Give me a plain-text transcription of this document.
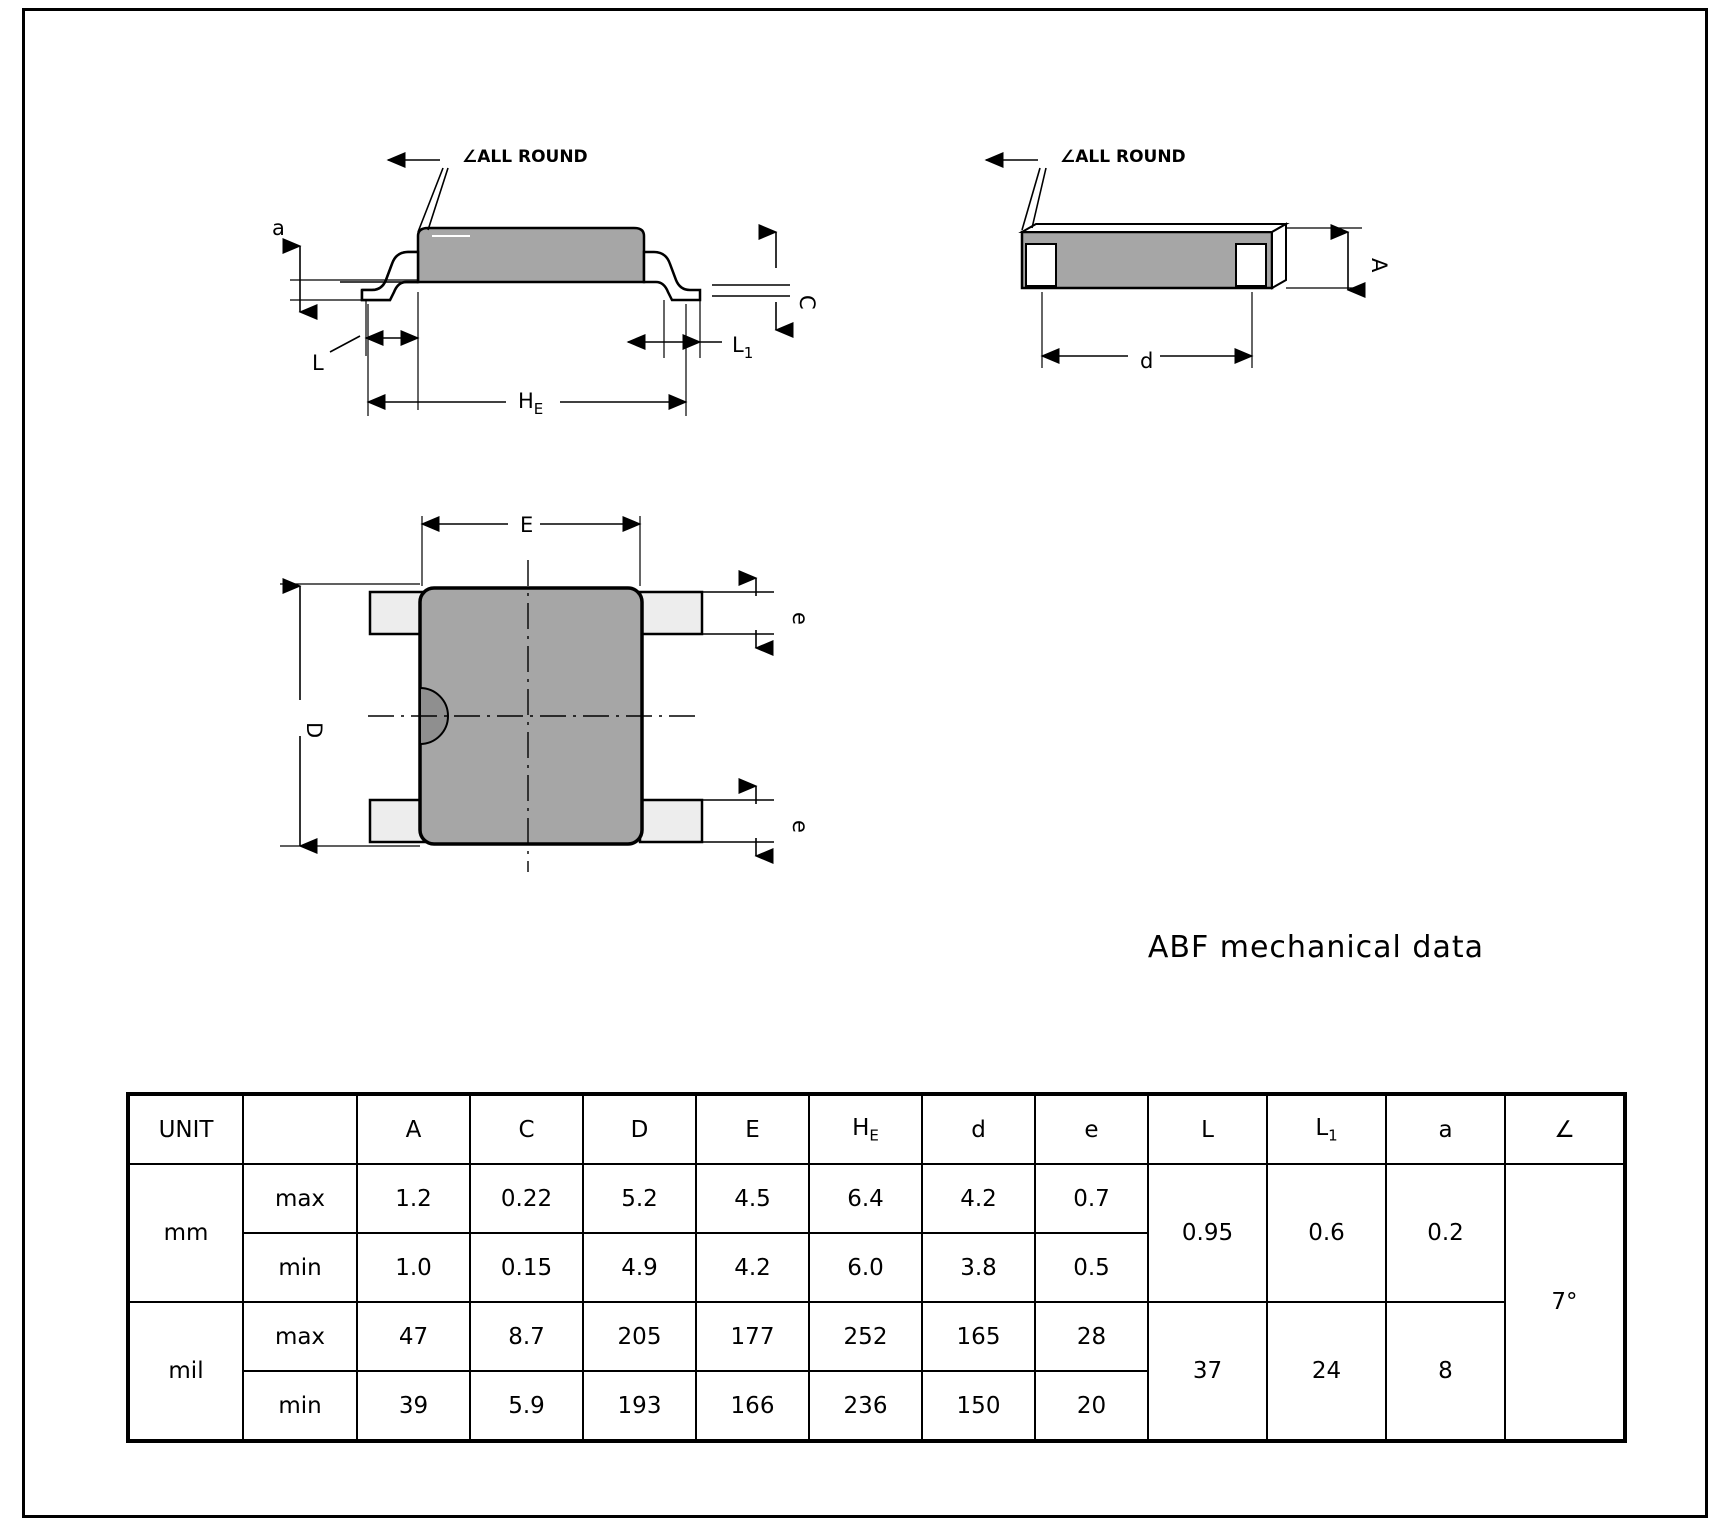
∠ALL ROUND
a
C
L
$L_1$
$H_E$
∠ALL ROUND
A
d
E
D
e
e
ABF mechanical data
UNIT		A	C	D	E	$H_E$	d	e	L	$L_1$	a	∠
mm	max	1.2	0.22	5.2	4.5	6.4	4.2	0.7	0.95	0.6	0.2	7°
	min	1.0	0.15	4.9	4.2	6.0	3.8	0.5				
mil	max	47	8.7	205	177	252	165	28	37	24	8	
	min	39	5.9	193	166	236	150	20				
